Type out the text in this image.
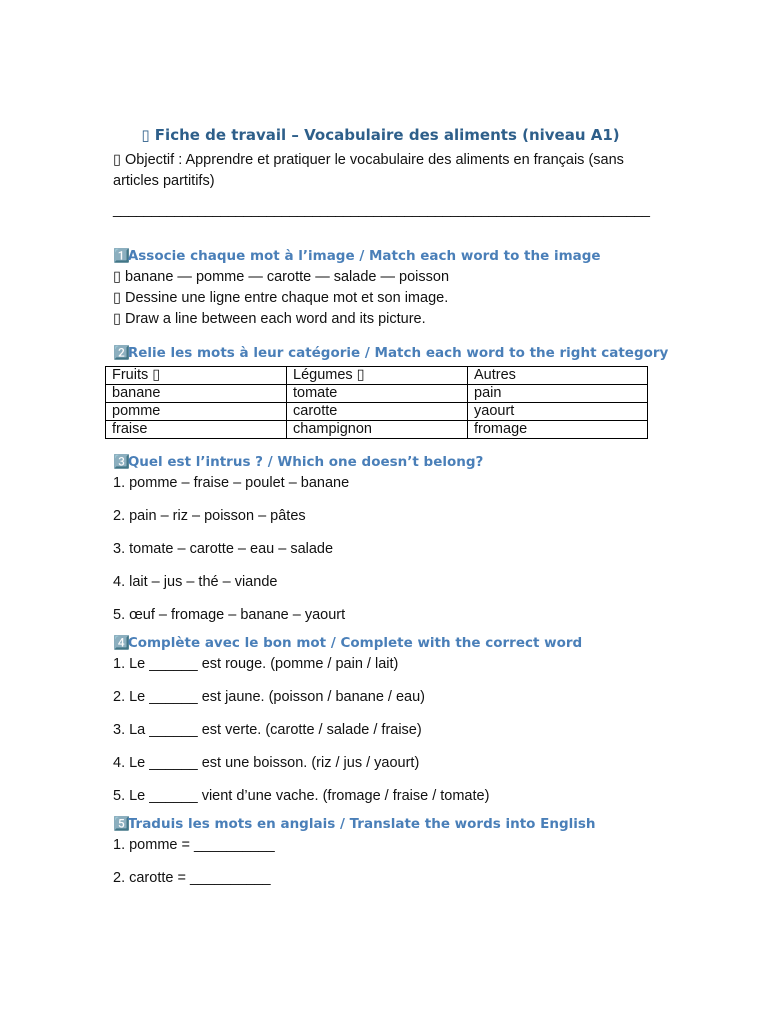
▯ Fiche de travail – Vocabulaire des aliments (niveau A1)

▯ Objectif : Apprendre et pratiquer le vocabulaire des aliments en français (sans articles partitifs)

______________________________________________________________________
1️⃣ Associe chaque mot à l’image / Match each word to the image

▯ banane — pomme — carotte — salade — poisson

▯ Dessine une ligne entre chaque mot et son image.

▯ Draw a line between each word and its picture.

2️⃣ Relie les mots à leur catégorie / Match each word to the right category
Fruits ▯	Légumes ▯	Autres
banane	tomate	pain
pomme	carotte	yaourt
fraise	champignon	fromage
3️⃣ Quel est l’intrus ? / Which one doesn’t belong?

1. pomme – fraise – poulet – banane

2. pain – riz – poisson – pâtes

3. tomate – carotte – eau – salade

4. lait – jus – thé – viande

5. œuf – fromage – banane – yaourt

4️⃣ Complète avec le bon mot / Complete with the correct word

1. Le ______ est rouge. (pomme / pain / lait)

2. Le ______ est jaune. (poisson / banane / eau)

3. La ______ est verte. (carotte / salade / fraise)

4. Le ______ est une boisson. (riz / jus / yaourt)

5. Le ______ vient d’une vache. (fromage / fraise / tomate)

5️⃣ Traduis les mots en anglais / Translate the words into English

1. pomme = __________

2. carotte = __________
